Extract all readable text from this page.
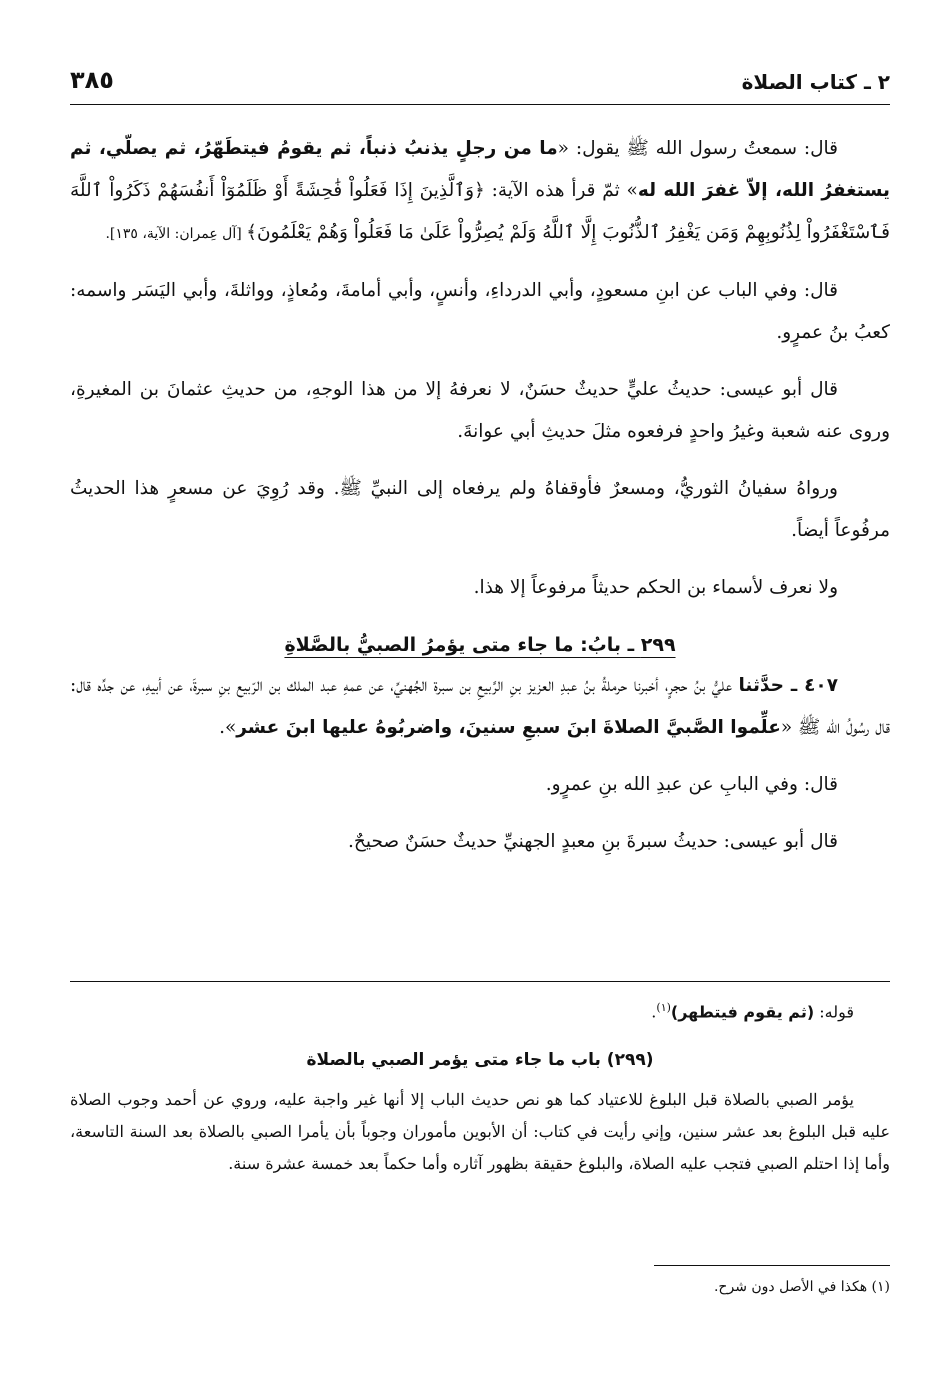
٢ ـ كتاب الصلاة
٣٨٥

قال: سمعتُ رسول الله ﷺ يقول: «ما من رجلٍ يذنبُ ذنباً، ثم يقومُ فيتطَهّرُ، ثم يصلّي، ثم يستغفرُ الله، إلاّ غفرَ الله له» ثمّ قرأ هذه الآية: ﴿وَٱلَّذِينَ إِذَا فَعَلُواْ فَٰحِشَةً أَوْ ظَلَمُوٓاْ أَنفُسَهُمْ ذَكَرُواْ ٱللَّهَ فَٱسْتَغْفَرُواْ لِذُنُوبِهِمْ وَمَن يَغْفِرُ ٱلذُّنُوبَ إِلَّا ٱللَّهُ وَلَمْ يُصِرُّواْ عَلَىٰ مَا فَعَلُواْ وَهُمْ يَعْلَمُونَ﴾ [آل عِمران: الآية، ١٣٥].

قال: وفي الباب عن ابنِ مسعودٍ، وأبي الدرداءِ، وأنسٍ، وأبي أمامةَ، ومُعاذٍ، وواثلةَ، وأبي اليَسَر واسمه: كعبُ بنُ عمرٍو.

قال أبو عيسى: حديثُ عليٍّ حديثٌ حسَنٌ، لا نعرفهُ إلا من هذا الوجهِ، من حديثِ عثمانَ بن المغيرةِ، وروى عنه شعبة وغيرُ واحدٍ فرفعوه مثلَ حديثِ أبي عوانةَ.

ورواهُ سفيانُ الثوريُّ، ومسعرٌ فأوقفاهُ ولم يرفعاه إلى النبيِّ ﷺ. وقد رُوِيَ عن مسعرٍ هذا الحديثُ مرفُوعاً أيضاً.

ولا نعرف لأسماء بن الحكم حديثاً مرفوعاً إلا هذا.

٢٩٩ ـ بابُ: ما جاء متى يؤمرُ الصبيُّ بالصَّلاةِ

٤٠٧ ـ حدَّثنا عليُّ بنُ حجرٍ، أخبرنا حرملةُ بنُ عبدِ العزيز بنِ الرَّبيعِ بن سبرة الجُهنيِّ، عن عمهِ عبد الملك بن الرّبيع بنِ سبرةَ، عن أبيهِ، عن جدِّه قال: قال رسُولُ الله ﷺ «علِّموا الصَّبيَّ الصلاةَ ابنَ سبعِ سنينَ، واضربُوهُ عليها ابنَ عشر».

قال: وفي البابِ عن عبدِ الله بنِ عمرٍو.

قال أبو عيسى: حديثُ سبرةَ بنِ معبدٍ الجهنيِّ حديثٌ حسَنٌ صحيحٌ.

قوله: (ثم يقوم فيتطهر)$^{(١)}$.

(٢٩٩) باب ما جاء متى يؤمر الصبي بالصلاة

يؤمر الصبي بالصلاة قبل البلوغ للاعتياد كما هو نص حديث الباب إلا أنها غير واجبة عليه، وروي عن أحمد وجوب الصلاة عليه قبل البلوغ بعد عشر سنين، وإني رأيت في كتاب: أن الأبوين مأموران وجوباً بأن يأمرا الصبي بالصلاة بعد السنة التاسعة، وأما إذا احتلم الصبي فتجب عليه الصلاة، والبلوغ حقيقة بظهور آثاره وأما حكماً بعد خمسة عشرة سنة.

(١) هكذا في الأصل دون شرح.
